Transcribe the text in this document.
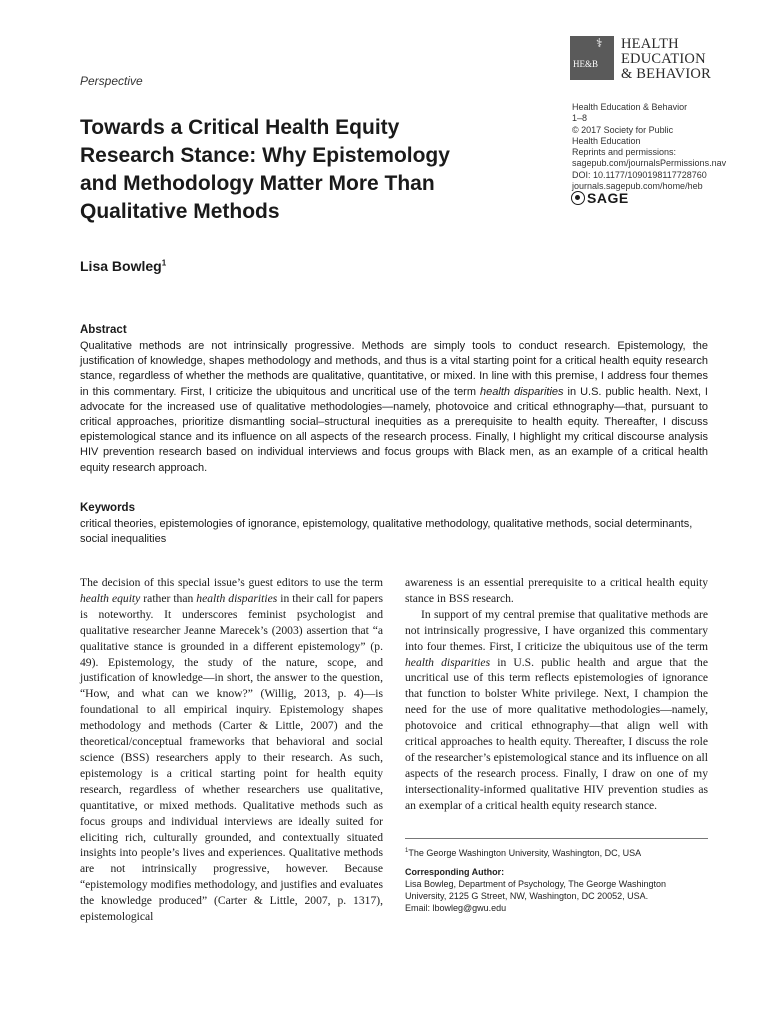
⚕
HE&B
HEALTH
EDUCATION
& BEHAVIOR
Perspective
Health Education & Behavior
1–8
© 2017 Society for Public
Health Education
Reprints and permissions:
sagepub.com/journalsPermissions.nav
DOI: 10.1177/1090198117728760
journals.sagepub.com/home/heb
SAGE
Towards a Critical Health Equity
Research Stance: Why Epistemology
and Methodology Matter More Than
Qualitative Methods
Lisa Bowleg$^1$
Abstract
Qualitative methods are not intrinsically progressive. Methods are simply tools to conduct research. Epistemology, the justification of knowledge, shapes methodology and methods, and thus is a vital starting point for a critical health equity research stance, regardless of whether the methods are qualitative, quantitative, or mixed. In line with this premise, I address four themes in this commentary. First, I criticize the ubiquitous and uncritical use of the term health disparities in U.S. public health. Next, I advocate for the increased use of qualitative methodologies—namely, photovoice and critical ethnography—that, pursuant to critical approaches, prioritize dismantling social–structural inequities as a prerequisite to health equity. Thereafter, I discuss epistemological stance and its influence on all aspects of the research process. Finally, I highlight my critical discourse analysis HIV prevention research based on individual interviews and focus groups with Black men, as an example of a critical health equity research approach.
Keywords
critical theories, epistemologies of ignorance, epistemology, qualitative methodology, qualitative methods, social determinants, social inequalities

The decision of this special issue’s guest editors to use the term health equity rather than health disparities in their call for papers is noteworthy. It underscores feminist psychologist and qualitative researcher Jeanne Marecek’s (2003) assertion that “a qualitative stance is grounded in a different epistemology” (p. 49). Epistemology, the study of the nature, scope, and justification of knowledge—in short, the answer to the question, “How, and what can we know?” (Willig, 2013, p. 4)—is foundational to all empirical inquiry. Epistemology shapes methodology and methods (Carter & Little, 2007) and the theoretical/conceptual frameworks that behavioral and social science (BSS) researchers apply to their research. As such, epistemology is a critical starting point for health equity research, regardless of whether researchers use qualitative, quantitative, or mixed methods. Qualitative methods such as focus groups and individual interviews are ideally suited for eliciting rich, culturally grounded, and contextually situated insights into people’s lives and experiences. Qualitative methods are not intrinsically progressive, however. Because “epistemology modifies methodology, and justifies and evaluates the knowledge produced” (Carter & Little, 2007, p. 1317), epistemological

awareness is an essential prerequisite to a critical health equity stance in BSS research.

In support of my central premise that qualitative methods are not intrinsically progressive, I have organized this commentary into four themes. First, I criticize the ubiquitous use of the term health disparities in U.S. public health and argue that the uncritical use of this term reflects epistemologies of ignorance that function to bolster White privilege. Next, I champion the need for the use of more qualitative methodologies—namely, photovoice and critical ethnography—that align well with critical approaches to health equity. Thereafter, I discuss the role of the researcher’s epistemological stance and its influence on all aspects of the research process. Finally, I draw on one of my intersectionality-informed qualitative HIV prevention studies as an exemplar of a critical health equity research stance.

$^1$The George Washington University, Washington, DC, USA
Corresponding Author:
Lisa Bowleg, Department of Psychology, The George Washington
University, 2125 G Street, NW, Washington, DC 20052, USA.
Email: lbowleg@gwu.edu
